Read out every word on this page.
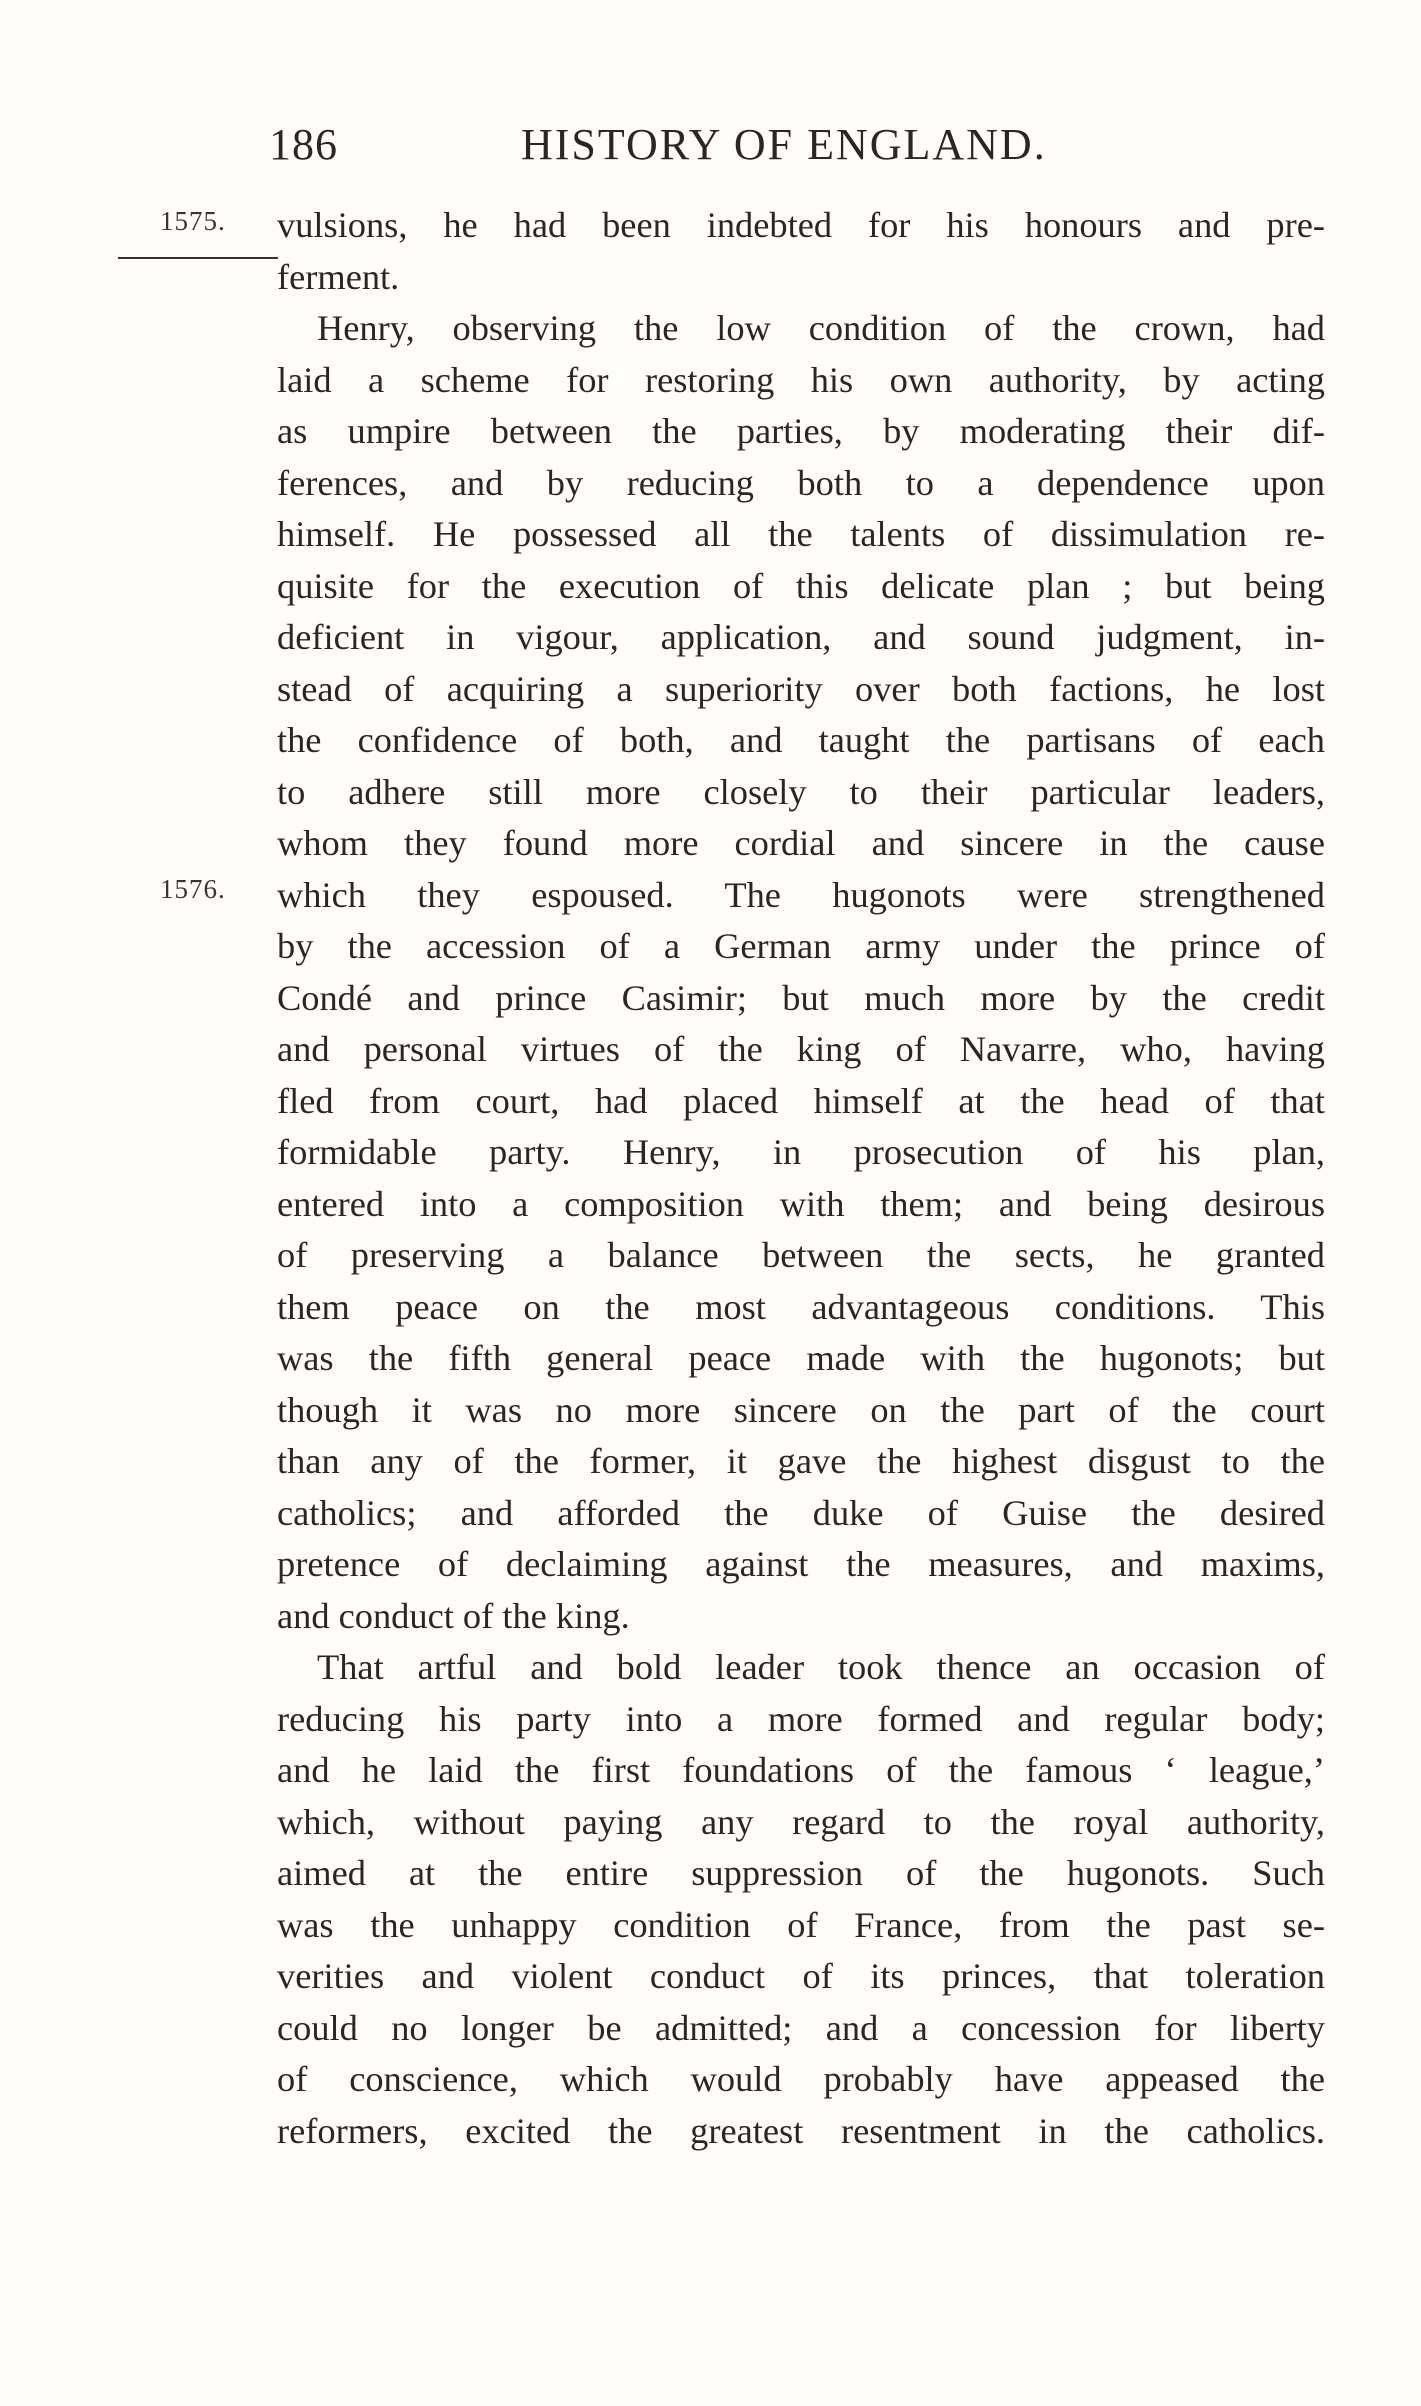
186	HISTORY OF ENGLAND.
1575.
1576.
vulsions, he had been indebted for his honours and pre-
ferment.
Henry, observing the low condition of the crown, had
laid a scheme for restoring his own authority, by acting
as umpire between the parties, by moderating their dif-
ferences, and by reducing both to a dependence upon
himself. He possessed all the talents of dissimulation re-
quisite for the execution of this delicate plan ; but being
deficient in vigour, application, and sound judgment, in-
stead of acquiring a superiority over both factions, he lost
the confidence of both, and taught the partisans of each
to adhere still more closely to their particular leaders,
whom they found more cordial and sincere in the cause
which they espoused. The hugonots were strengthened
by the accession of a German army under the prince of
Condé and prince Casimir; but much more by the credit
and personal virtues of the king of Navarre, who, having
fled from court, had placed himself at the head of that
formidable party. Henry, in prosecution of his plan,
entered into a composition with them; and being desirous
of preserving a balance between the sects, he granted
them peace on the most advantageous conditions. This
was the fifth general peace made with the hugonots; but
though it was no more sincere on the part of the court
than any of the former, it gave the highest disgust to the
catholics; and afforded the duke of Guise the desired
pretence of declaiming against the measures, and maxims,
and conduct of the king.
That artful and bold leader took thence an occasion of
reducing his party into a more formed and regular body;
and he laid the first foundations of the famous ‘ league,’
which, without paying any regard to the royal authority,
aimed at the entire suppression of the hugonots. Such
was the unhappy condition of France, from the past se-
verities and violent conduct of its princes, that toleration
could no longer be admitted; and a concession for liberty
of conscience, which would probably have appeased the
reformers, excited the greatest resentment in the catholics.
